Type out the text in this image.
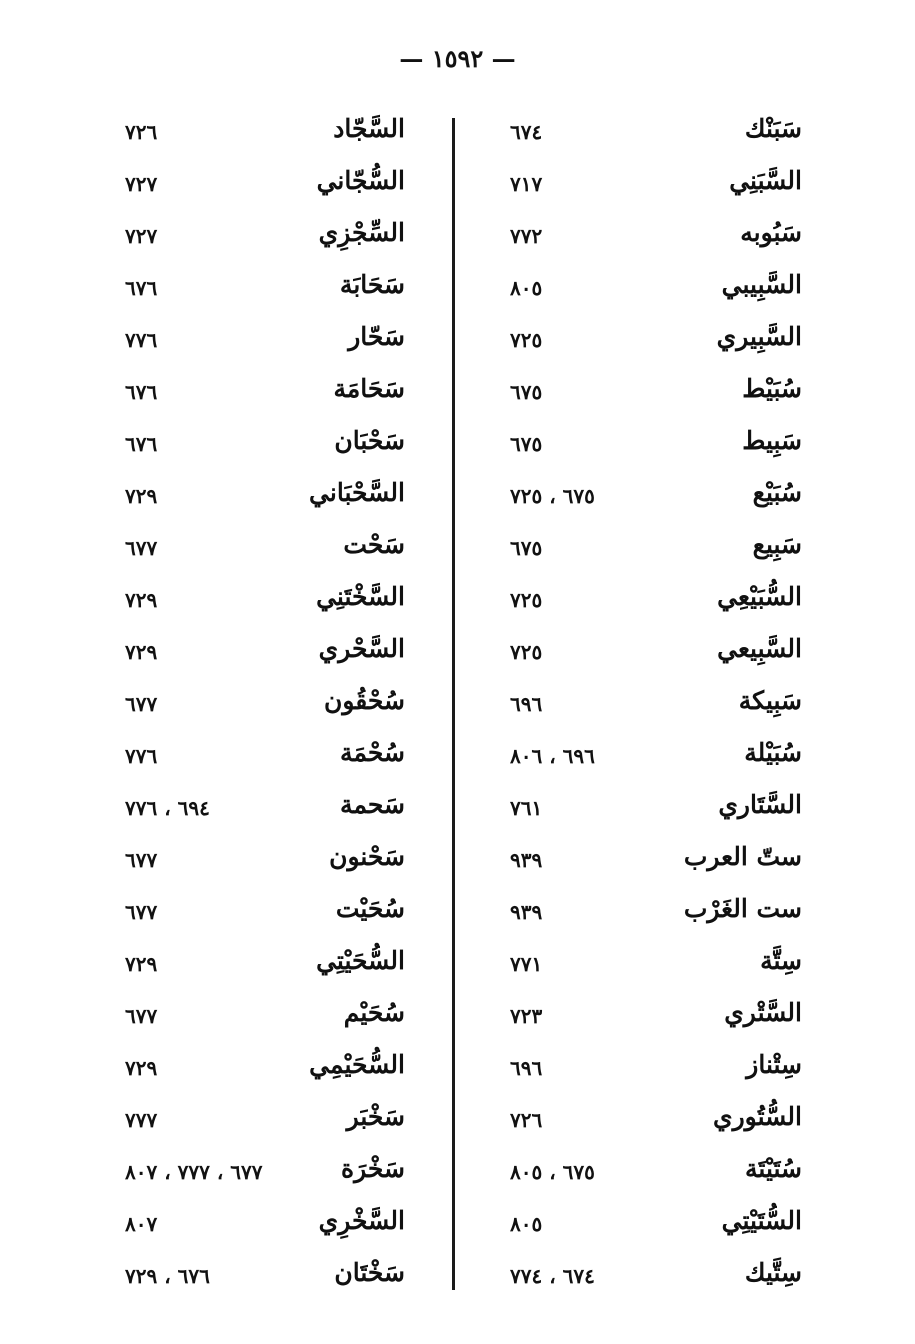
— ١٥٩٢ —
سَبَنْك
٦٧٤
السَّبَنِي
٧١٧
سَبُوبه
٧٧٢
السَّبِيبي
٨٠٥
السَّبِيري
٧٢٥
سُبَيْط
٦٧٥
سَبِيط
٦٧٥
سُبَيْع
٦٧٥ ، ٧٢٥
سَبِيع
٦٧٥
السُّبَيْعِي
٧٢٥
السَّبِيعي
٧٢٥
سَبِيكة
٦٩٦
سُبَيْلة
٦٩٦ ، ٨٠٦
السَّتَاري
٧٦١
ستّ العرب
٩٣٩
ست الغَرْب
٩٣٩
سِتَّة
٧٧١
السَّتْري
٧٢٣
سِتْناز
٦٩٦
السُّتُوري
٧٢٦
سُتَيْتَة
٦٧٥ ، ٨٠٥
السُّتَيْتِي
٨٠٥
سِتَّيك
٦٧٤ ، ٧٧٤
السَّجّاد
٧٢٦
السُّجّاني
٧٢٧
السِّجْزِي
٧٢٧
سَحَابَة
٦٧٦
سَحّار
٧٧٦
سَحَامَة
٦٧٦
سَحْبَان
٦٧٦
السَّحْبَاني
٧٢٩
سَحْت
٦٧٧
السَّخْتَنِي
٧٢٩
السَّحْري
٧٢٩
سُحْقُون
٦٧٧
سُحْمَة
٧٧٦
سَحمة
٦٩٤ ، ٧٧٦
سَحْنون
٦٧٧
سُحَيْت
٦٧٧
السُّحَيْتِي
٧٢٩
سُحَيْم
٦٧٧
السُّحَيْمِي
٧٢٩
سَخْبَر
٧٧٧
سَخْرَة
٦٧٧ ، ٧٧٧ ، ٨٠٧
السَّخْرِي
٨٠٧
سَخْتَان
٦٧٦ ، ٧٢٩
